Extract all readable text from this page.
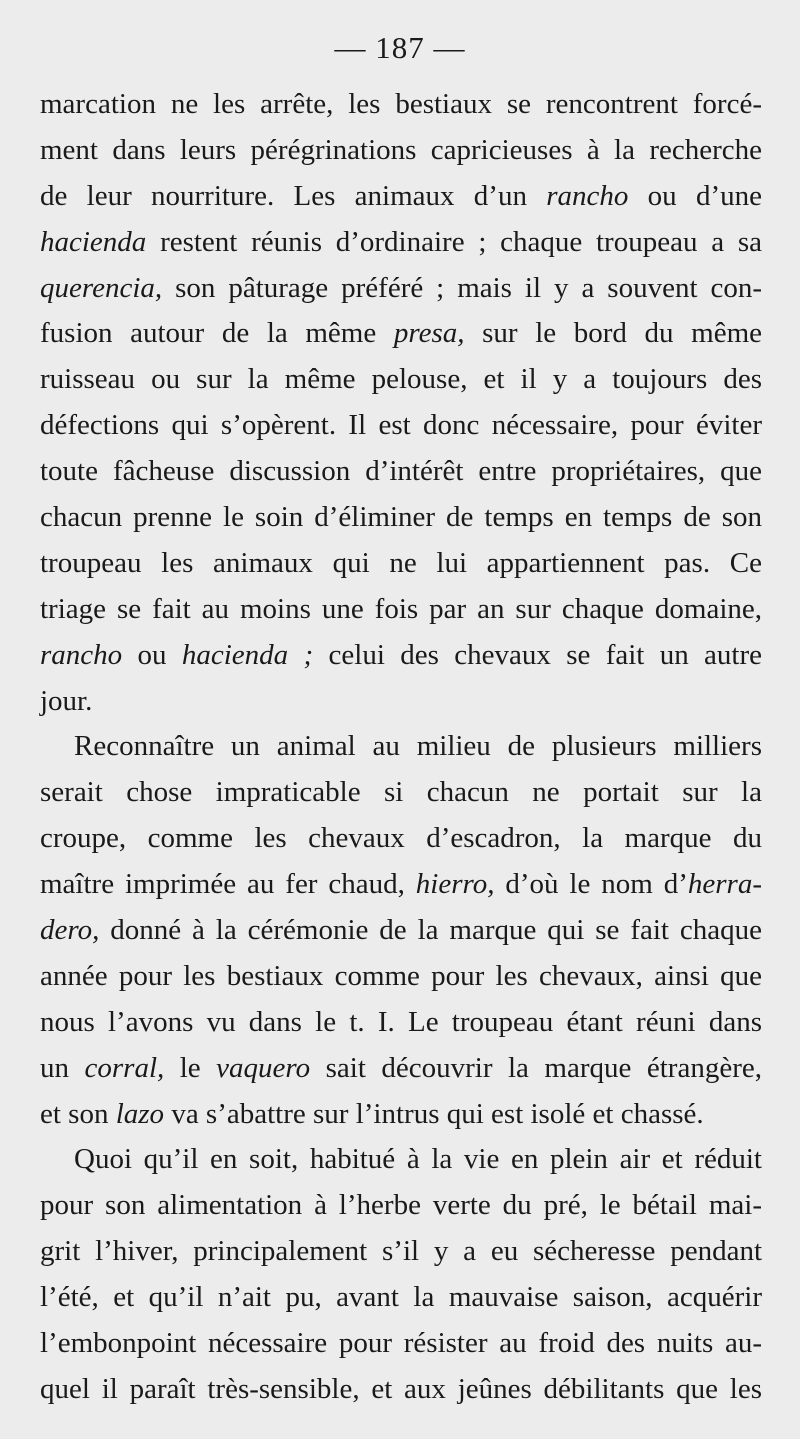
— 187 —
marcation ne les arrête, les bestiaux se rencontrent forcé-
ment dans leurs pérégrinations capricieuses à la recherche
de leur nourriture. Les animaux d’un rancho ou d’une
hacienda restent réunis d’ordinaire ; chaque troupeau a sa
querencia, son pâturage préféré ; mais il y a souvent con-
fusion autour de la même presa, sur le bord du même
ruisseau ou sur la même pelouse, et il y a toujours des
défections qui s’opèrent. Il est donc nécessaire, pour éviter
toute fâcheuse discussion d’intérêt entre propriétaires, que
chacun prenne le soin d’éliminer de temps en temps de son
troupeau les animaux qui ne lui appartiennent pas. Ce
triage se fait au moins une fois par an sur chaque domaine,
rancho ou hacienda ; celui des chevaux se fait un autre
jour.
Reconnaître un animal au milieu de plusieurs milliers
serait chose impraticable si chacun ne portait sur la
croupe, comme les chevaux d’escadron, la marque du
maître imprimée au fer chaud, hierro, d’où le nom d’herra-
dero, donné à la cérémonie de la marque qui se fait chaque
année pour les bestiaux comme pour les chevaux, ainsi que
nous l’avons vu dans le t. I. Le troupeau étant réuni dans
un corral, le vaquero sait découvrir la marque étrangère,
et son lazo va s’abattre sur l’intrus qui est isolé et chassé.
Quoi qu’il en soit, habitué à la vie en plein air et réduit
pour son alimentation à l’herbe verte du pré, le bétail mai-
grit l’hiver, principalement s’il y a eu sécheresse pendant
l’été, et qu’il n’ait pu, avant la mauvaise saison, acquérir
l’embonpoint nécessaire pour résister au froid des nuits au-
quel il paraît très-sensible, et aux jeûnes débilitants que les
